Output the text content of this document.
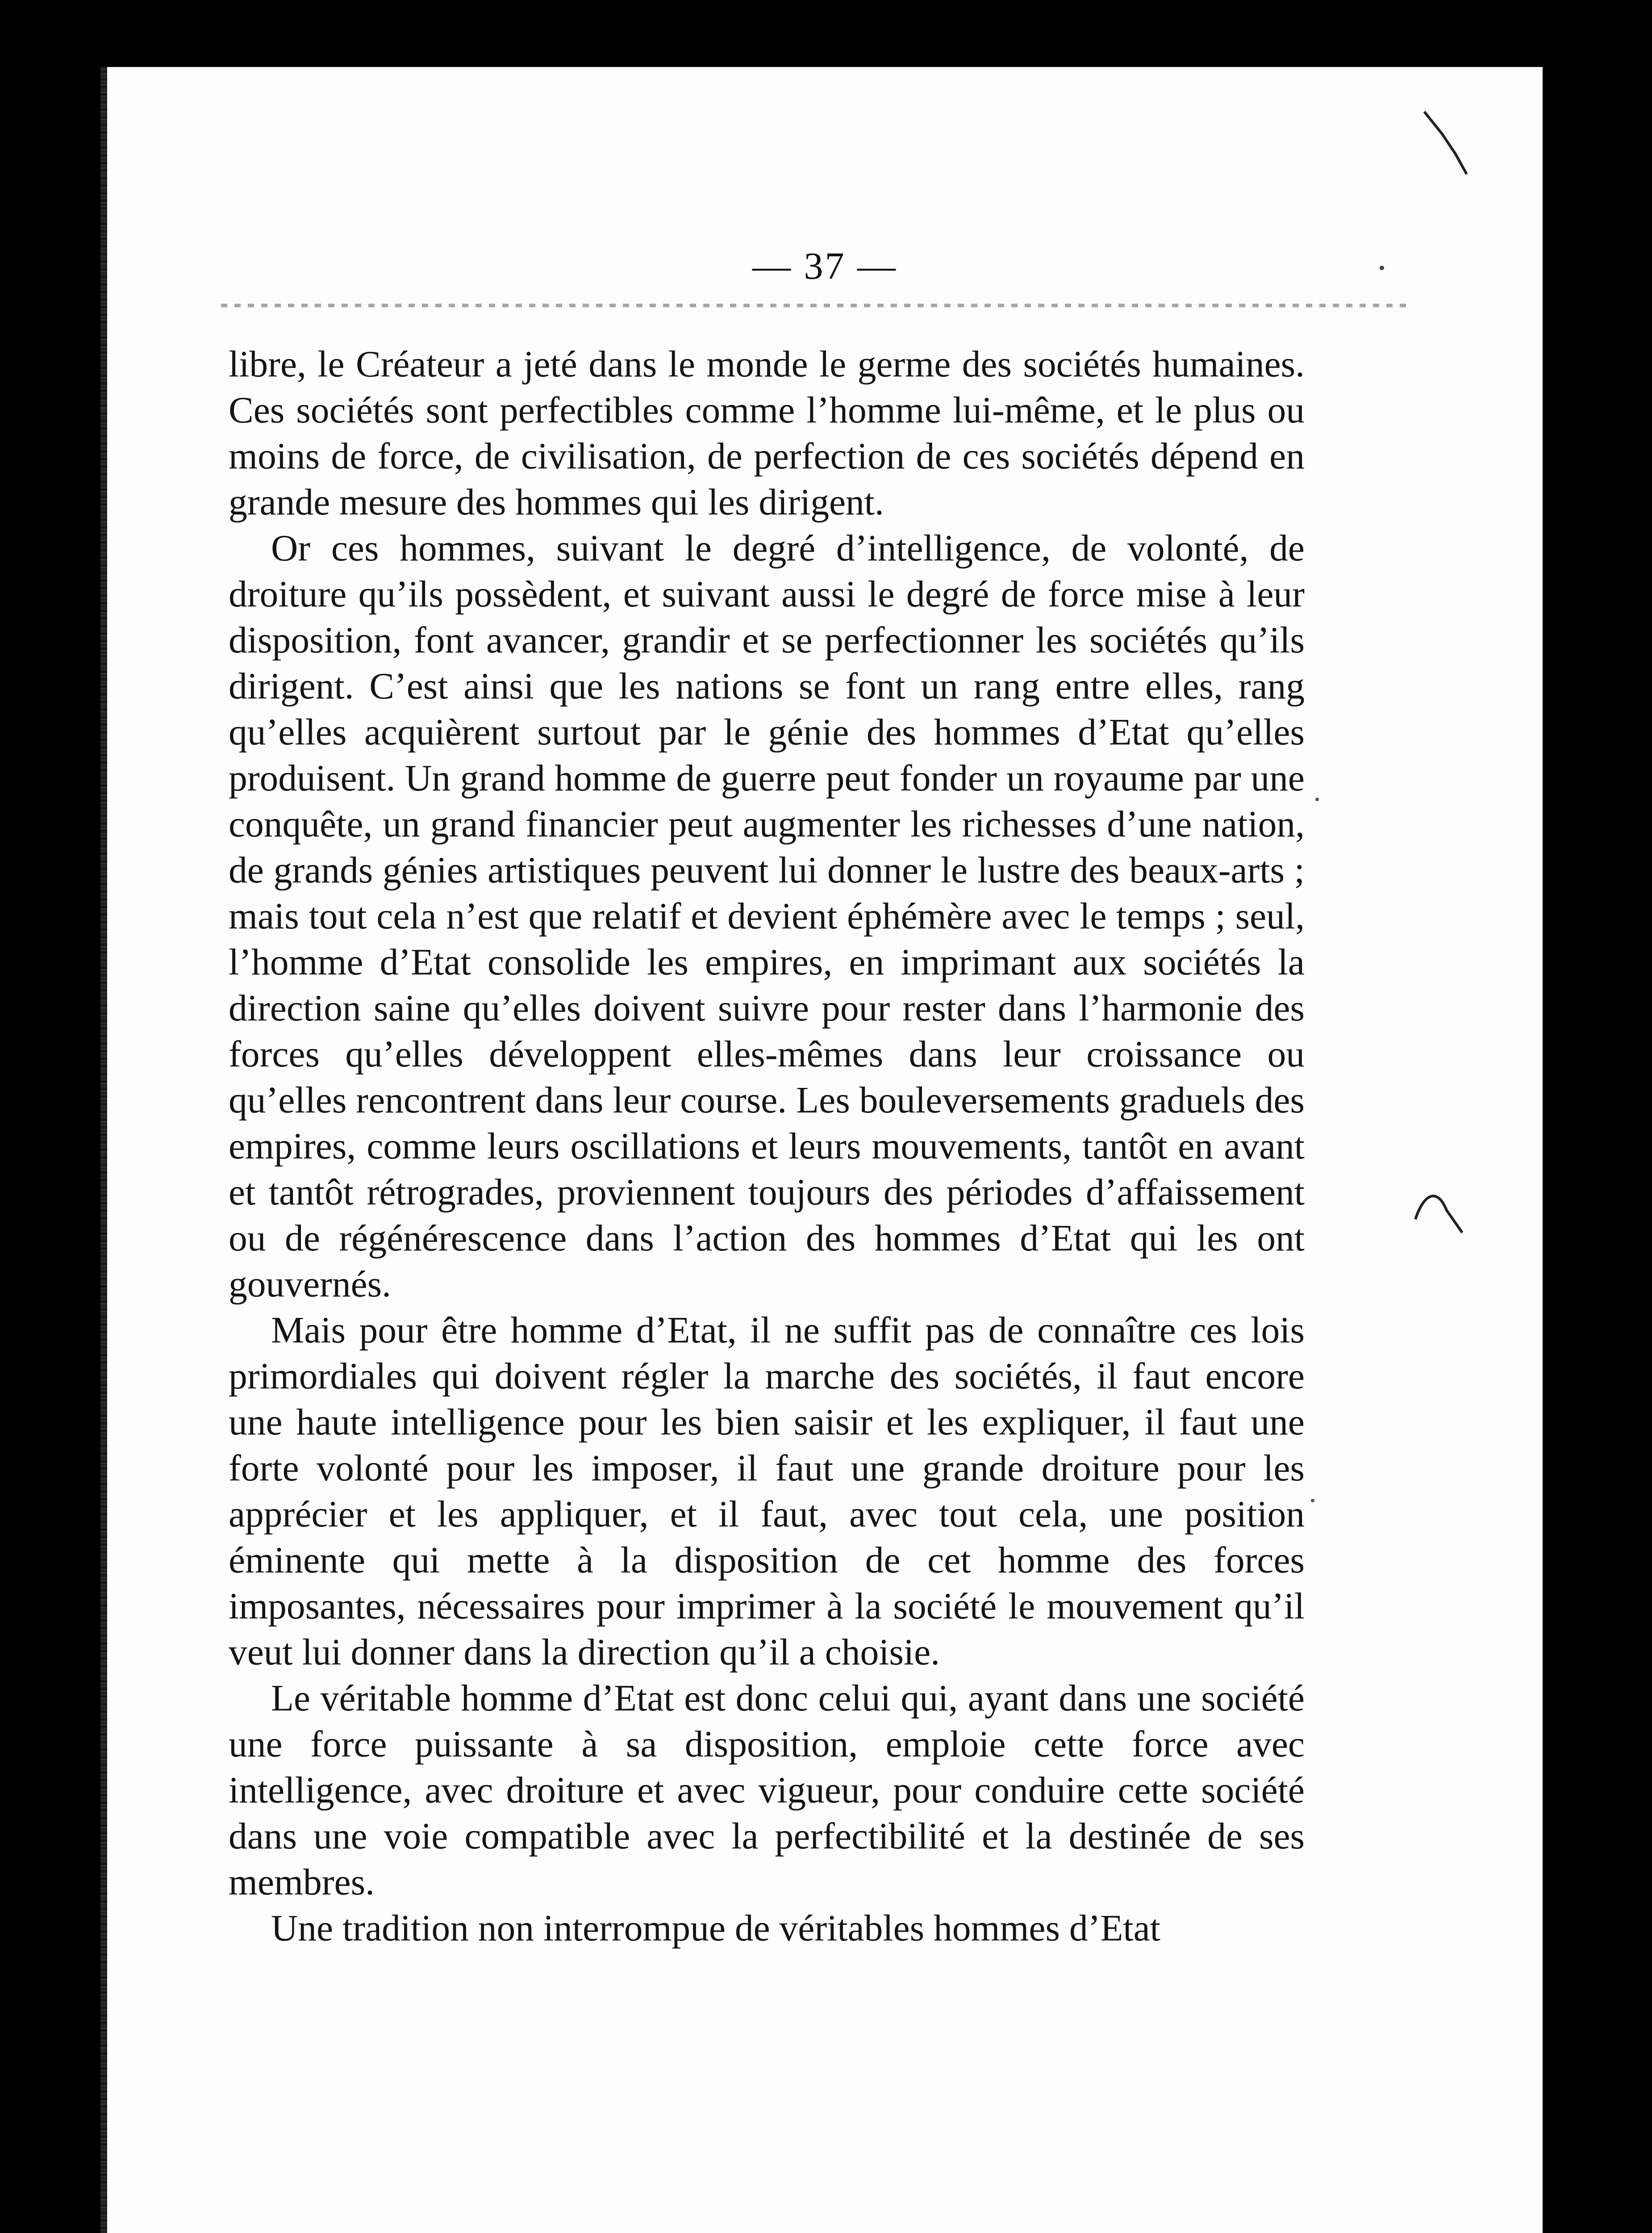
— 37 —

libre, le Créateur a jeté dans le monde le germe des sociétés humaines. Ces sociétés sont perfectibles comme l’homme lui-même, et le plus ou moins de force, de civilisation, de perfection de ces sociétés dépend en grande mesure des hommes qui les dirigent.

Or ces hommes, suivant le degré d’intelligence, de volonté, de droiture qu’ils possèdent, et suivant aussi le degré de force mise à leur disposition, font avancer, grandir et se perfectionner les sociétés qu’ils dirigent. C’est ainsi que les nations se font un rang entre elles, rang qu’elles acquièrent surtout par le génie des hommes d’Etat qu’elles produisent. Un grand homme de guerre peut fonder un royaume par une conquête, un grand financier peut augmenter les richesses d’une nation, de grands génies artistiques peuvent lui donner le lustre des beaux-arts ; mais tout cela n’est que relatif et devient éphémère avec le temps ; seul, l’homme d’Etat consolide les empires, en imprimant aux sociétés la direction saine qu’elles doivent suivre pour rester dans l’harmonie des forces qu’elles développent elles-mêmes dans leur croissance ou qu’elles rencontrent dans leur course. Les bouleversements graduels des empires, comme leurs oscillations et leurs mouvements, tantôt en avant et tantôt rétrogrades, proviennent toujours des périodes d’affaissement ou de régénérescence dans l’action des hommes d’Etat qui les ont gouvernés.

Mais pour être homme d’Etat, il ne suffit pas de connaître ces lois primordiales qui doivent régler la marche des sociétés, il faut encore une haute intelligence pour les bien saisir et les expliquer, il faut une forte volonté pour les imposer, il faut une grande droiture pour les apprécier et les appliquer, et il faut, avec tout cela, une position éminente qui mette à la disposition de cet homme des forces imposantes, nécessaires pour imprimer à la société le mouvement qu’il veut lui donner dans la direction qu’il a choisie.

Le véritable homme d’Etat est donc celui qui, ayant dans une société une force puissante à sa disposition, emploie cette force avec intelligence, avec droiture et avec vigueur, pour conduire cette société dans une voie compatible avec la perfectibilité et la destinée de ses membres.

Une tradition non interrompue de véritables hommes d’Etat
